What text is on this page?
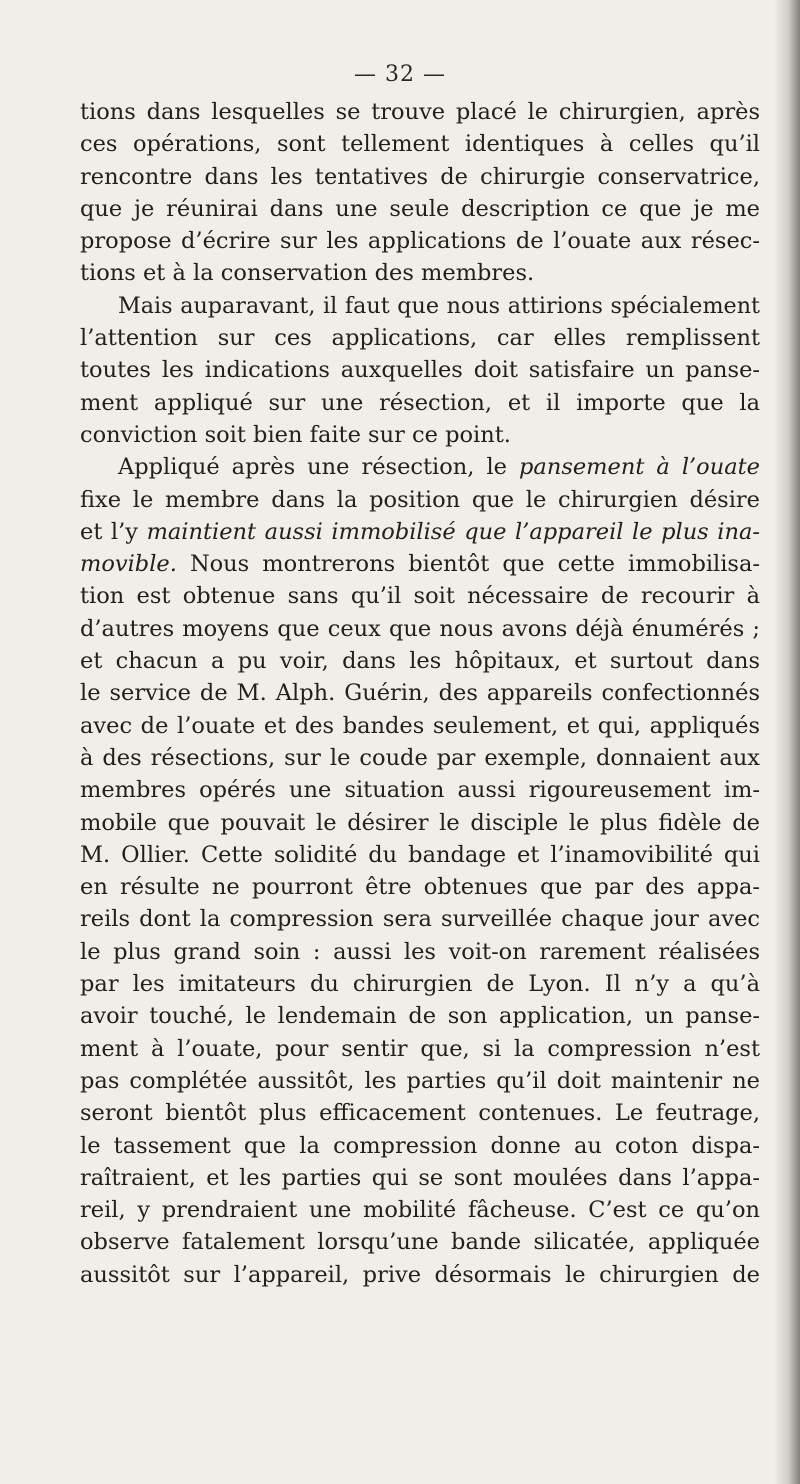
— 32 —
tions dans lesquelles se trouve placé le chirurgien, après
ces opérations, sont tellement identiques à celles qu’il
rencontre dans les tentatives de chirurgie conservatrice,
que je réunirai dans une seule description ce que je me
propose d’écrire sur les applications de l’ouate aux résec-
tions et à la conservation des membres.
Mais auparavant, il faut que nous attirions spécialement
l’attention sur ces applications, car elles remplissent
toutes les indications auxquelles doit satisfaire un panse-
ment appliqué sur une résection, et il importe que la
conviction soit bien faite sur ce point.
Appliqué après une résection, le pansement à l’ouate
fixe le membre dans la position que le chirurgien désire
et l’y maintient aussi immobilisé que l’appareil le plus ina-
movible. Nous montrerons bientôt que cette immobilisa-
tion est obtenue sans qu’il soit nécessaire de recourir à
d’autres moyens que ceux que nous avons déjà énumérés ;
et chacun a pu voir, dans les hôpitaux, et surtout dans
le service de M. Alph. Guérin, des appareils confectionnés
avec de l’ouate et des bandes seulement, et qui, appliqués
à des résections, sur le coude par exemple, donnaient aux
membres opérés une situation aussi rigoureusement im-
mobile que pouvait le désirer le disciple le plus fidèle de
M. Ollier. Cette solidité du bandage et l’inamovibilité qui
en résulte ne pourront être obtenues que par des appa-
reils dont la compression sera surveillée chaque jour avec
le plus grand soin : aussi les voit-on rarement réalisées
par les imitateurs du chirurgien de Lyon. Il n’y a qu’à
avoir touché, le lendemain de son application, un panse-
ment à l’ouate, pour sentir que, si la compression n’est
pas complétée aussitôt, les parties qu’il doit maintenir ne
seront bientôt plus efficacement contenues. Le feutrage,
le tassement que la compression donne au coton dispa-
raîtraient, et les parties qui se sont moulées dans l’appa-
reil, y prendraient une mobilité fâcheuse. C’est ce qu’on
observe fatalement lorsqu’une bande silicatée, appliquée
aussitôt sur l’appareil, prive désormais le chirurgien de
